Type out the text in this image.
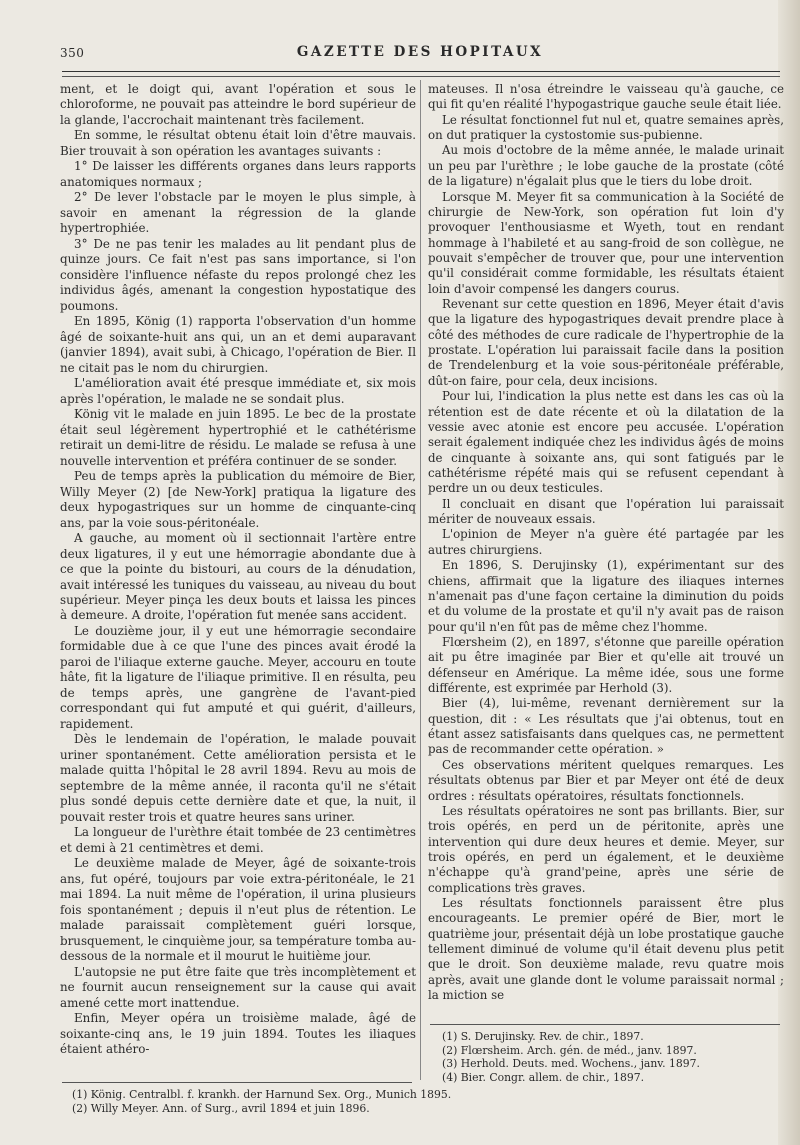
350	GAZETTE DES HOPITAUX

ment, et le doigt qui, avant l'opération et sous le chloroforme, ne pouvait pas atteindre le bord supérieur de la glande, l'accrochait maintenant très facilement.

En somme, le résultat obtenu était loin d'être mauvais. Bier trouvait à son opération les avantages suivants :

1° De laisser les différents organes dans leurs rapports anatomiques normaux ;

2° De lever l'obstacle par le moyen le plus simple, à savoir en amenant la régression de la glande hypertrophiée.

3° De ne pas tenir les malades au lit pendant plus de quinze jours. Ce fait n'est pas sans importance, si l'on considère l'influence néfaste du repos prolongé chez les individus âgés, amenant la congestion hypostatique des poumons.

En 1895, König (1) rapporta l'observation d'un homme âgé de soixante-huit ans qui, un an et demi auparavant (janvier 1894), avait subi, à Chicago, l'opération de Bier. Il ne citait pas le nom du chirurgien.

L'amélioration avait été presque immédiate et, six mois après l'opération, le malade ne se sondait plus.

König vit le malade en juin 1895. Le bec de la prostate était seul légèrement hypertrophié et le cathétérisme retirait un demi-litre de résidu. Le malade se refusa à une nouvelle intervention et préféra continuer de se sonder.

Peu de temps après la publication du mémoire de Bier, Willy Meyer (2) [de New-York] pratiqua la ligature des deux hypogastriques sur un homme de cinquante-cinq ans, par la voie sous-péritonéale.

A gauche, au moment où il sectionnait l'artère entre deux ligatures, il y eut une hémorragie abondante due à ce que la pointe du bistouri, au cours de la dénudation, avait intéressé les tuniques du vaisseau, au niveau du bout supérieur. Meyer pinça les deux bouts et laissa les pinces à demeure. A droite, l'opération fut menée sans accident.

Le douzième jour, il y eut une hémorragie secondaire formidable due à ce que l'une des pinces avait érodé la paroi de l'iliaque externe gauche. Meyer, accouru en toute hâte, fit la ligature de l'iliaque primitive. Il en résulta, peu de temps après, une gangrène de l'avant-pied correspondant qui fut amputé et qui guérit, d'ailleurs, rapidement.

Dès le lendemain de l'opération, le malade pouvait uriner spontanément. Cette amélioration persista et le malade quitta l'hôpital le 28 avril 1894. Revu au mois de septembre de la même année, il raconta qu'il ne s'était plus sondé depuis cette dernière date et que, la nuit, il pouvait rester trois et quatre heures sans uriner.

La longueur de l'urèthre était tombée de 23 centimètres et demi à 21 centimètres et demi.

Le deuxième malade de Meyer, âgé de soixante-trois ans, fut opéré, toujours par voie extra-péritonéale, le 21 mai 1894. La nuit même de l'opération, il urina plusieurs fois spontanément ; depuis il n'eut plus de rétention. Le malade paraissait complètement guéri lorsque, brusquement, le cinquième jour, sa température tomba au-dessous de la normale et il mourut le huitième jour.

L'autopsie ne put être faite que très incomplètement et ne fournit aucun renseignement sur la cause qui avait amené cette mort inattendue.

Enfin, Meyer opéra un troisième malade, âgé de soixante-cinq ans, le 19 juin 1894. Toutes les iliaques étaient athéro-

(1) König. Centralbl. f. krankh. der Harnund Sex. Org., Munich 1895.
(2) Willy Meyer. Ann. of Surg., avril 1894 et juin 1896.

mateuses. Il n'osa étreindre le vaisseau qu'à gauche, ce qui fit qu'en réalité l'hypogastrique gauche seule était liée.

Le résultat fonctionnel fut nul et, quatre semaines après, on dut pratiquer la cystostomie sus-pubienne.

Au mois d'octobre de la même année, le malade urinait un peu par l'urèthre ; le lobe gauche de la prostate (côté de la ligature) n'égalait plus que le tiers du lobe droit.

Lorsque M. Meyer fit sa communication à la Société de chirurgie de New-York, son opération fut loin d'y provoquer l'enthousiasme et Wyeth, tout en rendant hommage à l'habileté et au sang-froid de son collègue, ne pouvait s'empêcher de trouver que, pour une intervention qu'il considérait comme formidable, les résultats étaient loin d'avoir compensé les dangers courus.

Revenant sur cette question en 1896, Meyer était d'avis que la ligature des hypogastriques devait prendre place à côté des méthodes de cure radicale de l'hypertrophie de la prostate. L'opération lui paraissait facile dans la position de Trendelenburg et la voie sous-péritonéale préférable, dût-on faire, pour cela, deux incisions.

Pour lui, l'indication la plus nette est dans les cas où la rétention est de date récente et où la dilatation de la vessie avec atonie est encore peu accusée. L'opération serait également indiquée chez les individus âgés de moins de cinquante à soixante ans, qui sont fatigués par le cathétérisme répété mais qui se refusent cependant à perdre un ou deux testicules.

Il concluait en disant que l'opération lui paraissait mériter de nouveaux essais.

L'opinion de Meyer n'a guère été partagée par les autres chirurgiens.

En 1896, S. Derujinsky (1), expérimentant sur des chiens, affirmait que la ligature des iliaques internes n'amenait pas d'une façon certaine la diminution du poids et du volume de la prostate et qu'il n'y avait pas de raison pour qu'il n'en fût pas de même chez l'homme.

Flœrsheim (2), en 1897, s'étonne que pareille opération ait pu être imaginée par Bier et qu'elle ait trouvé un défenseur en Amérique. La même idée, sous une forme différente, est exprimée par Herhold (3).

Bier (4), lui-même, revenant dernièrement sur la question, dit : « Les résultats que j'ai obtenus, tout en étant assez satisfaisants dans quelques cas, ne permettent pas de recommander cette opération. »

Ces observations méritent quelques remarques. Les résultats obtenus par Bier et par Meyer ont été de deux ordres : résultats opératoires, résultats fonctionnels.

Les résultats opératoires ne sont pas brillants. Bier, sur trois opérés, en perd un de péritonite, après une intervention qui dure deux heures et demie. Meyer, sur trois opérés, en perd un également, et le deuxième n'échappe qu'à grand'peine, après une série de complications très graves.

Les résultats fonctionnels paraissent être plus encourageants. Le premier opéré de Bier, mort le quatrième jour, présentait déjà un lobe prostatique gauche tellement diminué de volume qu'il était devenu plus petit que le droit. Son deuxième malade, revu quatre mois après, avait une glande dont le volume paraissait normal ; la miction se

(1) S. Derujinsky. Rev. de chir., 1897.
(2) Flœrsheim. Arch. gén. de méd., janv. 1897.
(3) Herhold. Deuts. med. Wochens., janv. 1897.
(4) Bier. Congr. allem. de chir., 1897.
